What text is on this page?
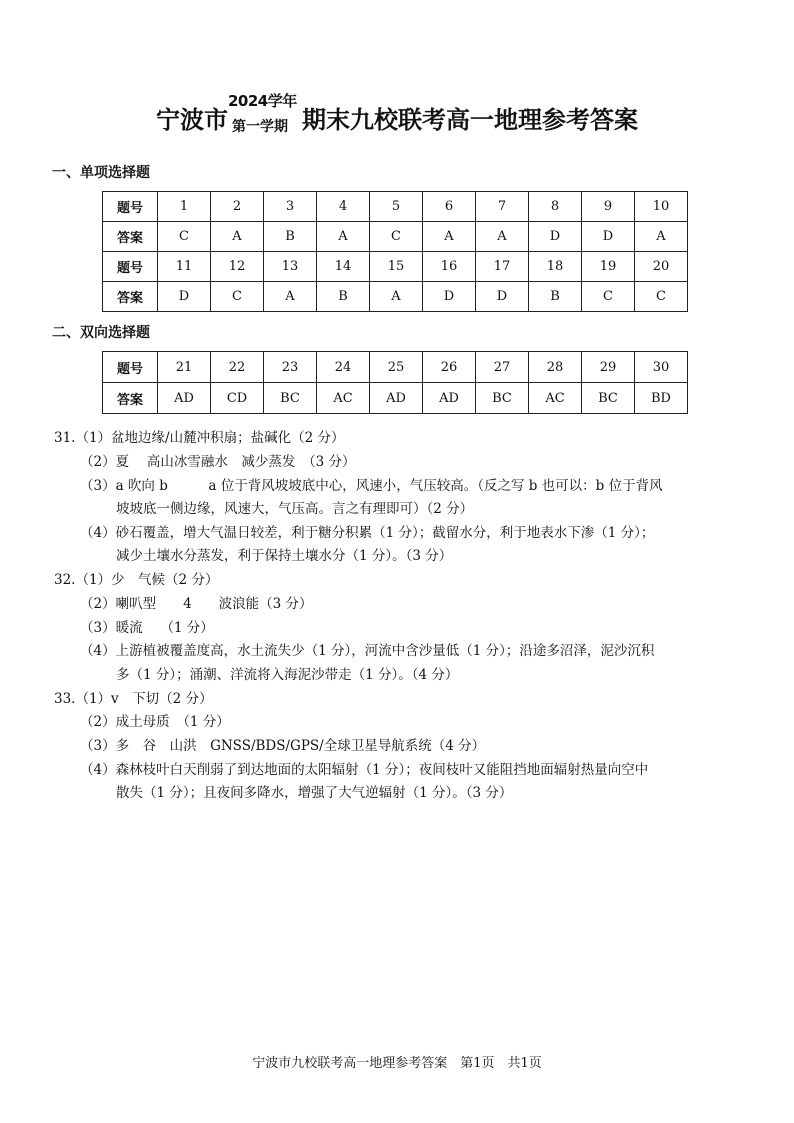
宁波市
2024学年
第一学期 期末九校联考高一地理参考答案
一、单项选择题
题号	1	2	3	4	5	6	7	8	9	10
答案	C	A	B	A	C	A	A	D	D	A
题号	11	12	13	14	15	16	17	18	19	20
答案	D	C	A	B	A	D	D	B	C	C
二、双向选择题
题号	21	22	23	24	25	26	27	28	29	30
答案	AD	CD	BC	AC	AD	AD	BC	AC	BC	BD
31.（1）盆地边缘/山麓冲积扇；盐碱化（2 分）
（2）夏　 高山冰雪融水　减少蒸发　（3 分）
（3）a 吹向 b　　　a 位于背风坡坡底中心，风速小，气压较高。（反之写 b 也可以：b 位于背风
坡坡底一侧边缘，风速大，气压高。言之有理即可）（2 分）
（4）砂石覆盖，增大气温日较差，利于糖分积累（1 分）；截留水分，利于地表水下渗（1 分）；
减少土壤水分蒸发，利于保持土壤水分（1 分）。（3 分）
32.（1）少　气候（2 分）
（2）喇叭型　　4　　波浪能（3 分）
（3）暖流　 （1 分）
（4）上游植被覆盖度高，水土流失少（1 分），河流中含沙量低（1 分）；沿途多沼泽，泥沙沉积
多（1 分）；涌潮、洋流将入海泥沙带走（1 分）。（4 分）
33.（1）v　下切（2 分）
（2）成土母质　（1 分）
（3）多　谷　山洪　GNSS/BDS/GPS/全球卫星导航系统（4 分）
（4）森林枝叶白天削弱了到达地面的太阳辐射（1 分）；夜间枝叶又能阻挡地面辐射热量向空中
散失（1 分）；且夜间多降水，增强了大气逆辐射（1 分）。（3 分）
宁波市九校联考高一地理参考答案　第1页　共1页
